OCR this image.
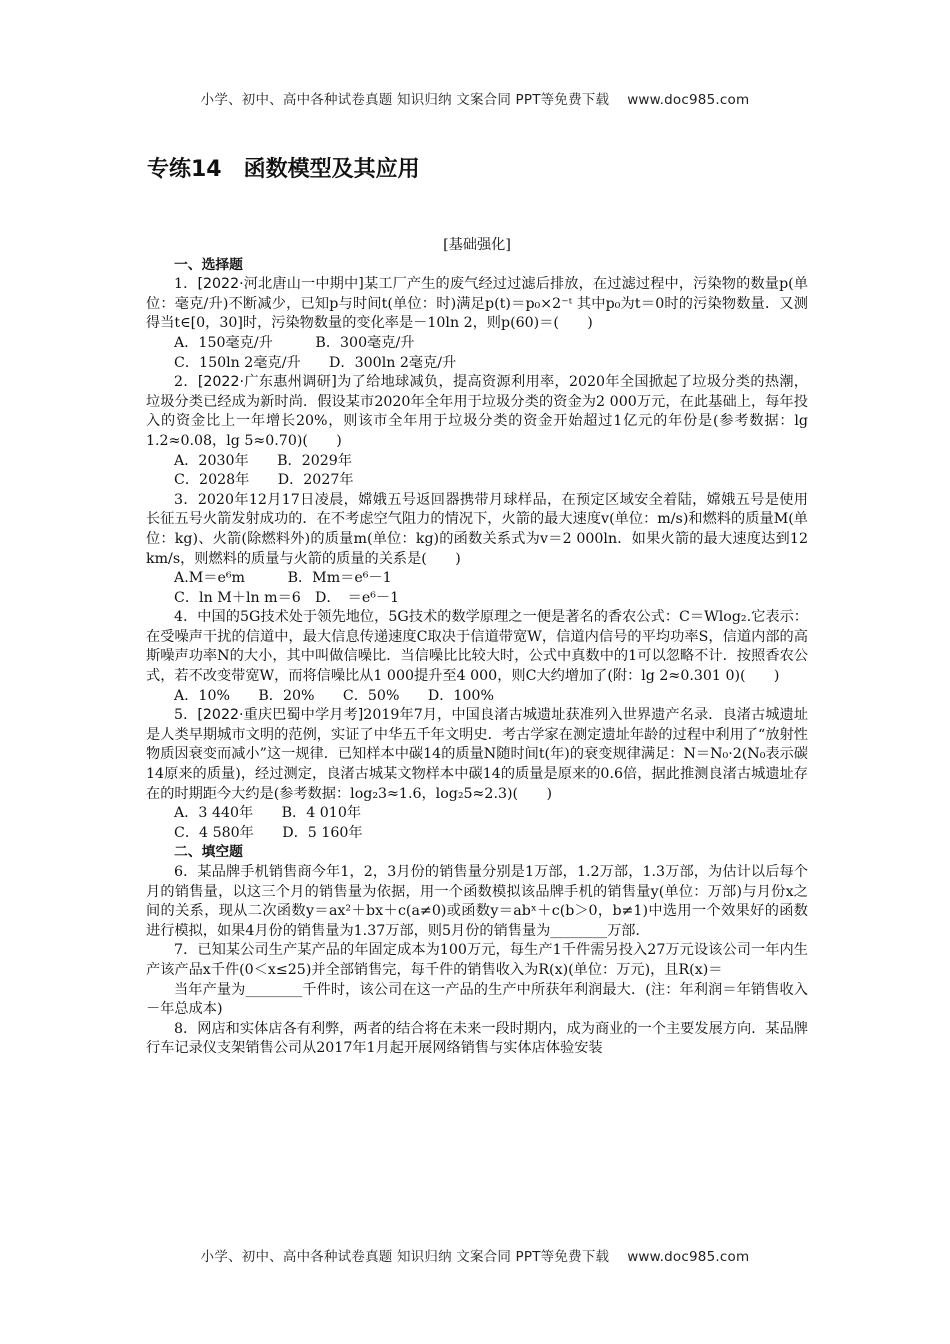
小学、初中、高中各种试卷真题 知识归纳 文案合同 PPT等免费下载 www.doc985.com
专练14 函数模型及其应用

[基础强化]

一、选择题

1．[2022·河北唐山一中期中]某工厂产生的废气经过过滤后排放，在过滤过程中，污染物的数量p(单位：毫克/升)不断减少，已知p与时间t(单位：时)满足p(t)＝p₀×2⁻ᵗ 其中p₀为t＝0时的污染物数量．又测得当t∈[0，30]时，污染物数量的变化率是－10ln 2，则p(60)＝(　　)

A．150毫克/升　　　B．300毫克/升

C．150ln 2毫克/升　　D．300ln 2毫克/升

2．[2022·广东惠州调研]为了给地球减负，提高资源利用率，2020年全国掀起了垃圾分类的热潮，垃圾分类已经成为新时尚．假设某市2020年全年用于垃圾分类的资金为2 000万元，在此基础上，每年投入的资金比上一年增长20%，则该市全年用于垃圾分类的资金开始超过1亿元的年份是(参考数据：lg 1.2≈0.08，lg 5≈0.70)(　　)

A．2030年　　B．2029年

C．2028年　　D．2027年

3．2020年12月17日凌晨，嫦娥五号返回器携带月球样品，在预定区域安全着陆，嫦娥五号是使用长征五号火箭发射成功的．在不考虑空气阻力的情况下，火箭的最大速度v(单位：m/s)和燃料的质量M(单位：kg)、火箭(除燃料外)的质量m(单位：kg)的函数关系式为v＝2 000ln．如果火箭的最大速度达到12 km/s，则燃料的质量与火箭的质量的关系是(　　)

A.M＝e⁶m　　　B．Mm＝e⁶－1

C．ln M＋ln m＝6　D．　＝e⁶－1

4．中国的5G技术处于领先地位，5G技术的数学原理之一便是著名的香农公式：C＝Wlog₂.它表示：在受噪声干扰的信道中，最大信息传递速度C取决于信道带宽W，信道内信号的平均功率S，信道内部的高斯噪声功率N的大小，其中叫做信噪比．当信噪比比较大时，公式中真数中的1可以忽略不计．按照香农公式，若不改变带宽W，而将信噪比从1 000提升至4 000，则C大约增加了(附：lg 2≈0.301 0)(　　)

A．10%　　B．20%　　C．50%　　D．100%

5．[2022·重庆巴蜀中学月考]2019年7月，中国良渚古城遗址获准列入世界遗产名录．良渚古城遗址是人类早期城市文明的范例，实证了中华五千年文明史．考古学家在测定遗址年龄的过程中利用了“放射性物质因衰变而减小”这一规律．已知样本中碳14的质量N随时间t(年)的衰变规律满足：N＝N₀·2(N₀表示碳14原来的质量)，经过测定，良渚古城某文物样本中碳14的质量是原来的0.6倍，据此推测良渚古城遗址存在的时期距今大约是(参考数据：log₂3≈1.6，log₂5≈2.3)(　　)

A．3 440年　　B．4 010年

C．4 580年　　D．5 160年

二、填空题

6．某品牌手机销售商今年1，2，3月份的销售量分别是1万部，1.2万部，1.3万部，为估计以后每个月的销售量，以这三个月的销售量为依据，用一个函数模拟该品牌手机的销售量y(单位：万部)与月份x之间的关系，现从二次函数y＝ax²＋bx＋c(a≠0)或函数y＝abˣ＋c(b＞0，b≠1)中选用一个效果好的函数进行模拟，如果4月份的销售量为1.37万部，则5月份的销售量为________万部．

7．已知某公司生产某产品的年固定成本为100万元，每生产1千件需另投入27万元设该公司一年内生产该产品x千件(0＜x≤25)并全部销售完，每千件的销售收入为R(x)(单位：万元)，且R(x)＝

当年产量为________千件时，该公司在这一产品的生产中所获年利润最大．(注：年利润＝年销售收入－年总成本)

8．网店和实体店各有利弊，两者的结合将在未来一段时期内，成为商业的一个主要发展方向．某品牌行车记录仪支架销售公司从2017年1月起开展网络销售与实体店体验安装

小学、初中、高中各种试卷真题 知识归纳 文案合同 PPT等免费下载 www.doc985.com
